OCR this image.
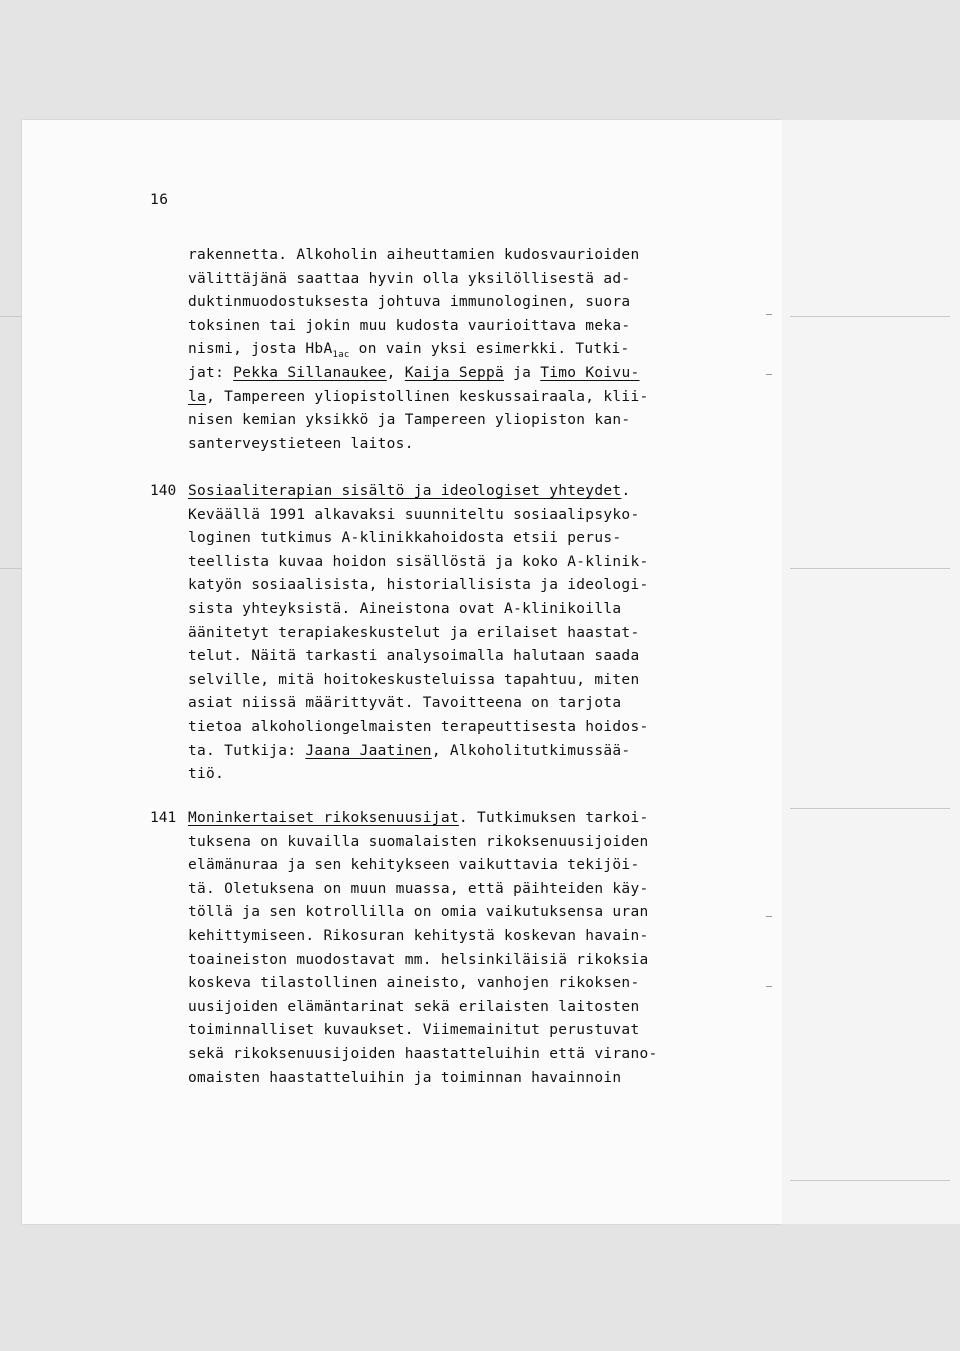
16
rakennetta. Alkoholin aiheuttamien kudosvaurioiden
välittäjänä saattaa hyvin olla yksilöllisestä ad-
duktinmuodostuksesta johtuva immunologinen, suora
toksinen tai jokin muu kudosta vaurioittava meka-
nismi, josta HbA$_{1ac}$ on vain yksi esimerkki. Tutki-
jat: Pekka Sillanaukee, Kaija Seppä ja Timo Koivu-
la, Tampereen yliopistollinen keskussairaala, klii-
nisen kemian yksikkö ja Tampereen yliopiston kan-
santerveystieteen laitos.
140 Sosiaaliterapian sisältö ja ideologiset yhteydet.
Keväällä 1991 alkavaksi suunniteltu sosiaalipsyko-
loginen tutkimus A-klinikkahoidosta etsii perus-
teellista kuvaa hoidon sisällöstä ja koko A-klinik-
katyön sosiaalisista, historiallisista ja ideologi-
sista yhteyksistä. Aineistona ovat A-klinikoilla
äänitetyt terapiakeskustelut ja erilaiset haastat-
telut. Näitä tarkasti analysoimalla halutaan saada
selville, mitä hoitokeskusteluissa tapahtuu, miten
asiat niissä määrittyvät. Tavoitteena on tarjota
tietoa alkoholiongelmaisten terapeuttisesta hoidos-
ta. Tutkija: Jaana Jaatinen, Alkoholitutkimussää-
tiö.
141 Moninkertaiset rikoksenuusijat. Tutkimuksen tarkoi-
tuksena on kuvailla suomalaisten rikoksenuusijoiden
elämänuraa ja sen kehitykseen vaikuttavia tekijöi-
tä. Oletuksena on muun muassa, että päihteiden käy-
töllä ja sen kotrollilla on omia vaikutuksensa uran
kehittymiseen. Rikosuran kehitystä koskevan havain-
toaineiston muodostavat mm. helsinkiläisiä rikoksia
koskeva tilastollinen aineisto, vanhojen rikoksen-
uusijoiden elämäntarinat sekä erilaisten laitosten
toiminnalliset kuvaukset. Viimemainitut perustuvat
sekä rikoksenuusijoiden haastatteluihin että virano-
omaisten haastatteluihin ja toiminnan havainnoin
